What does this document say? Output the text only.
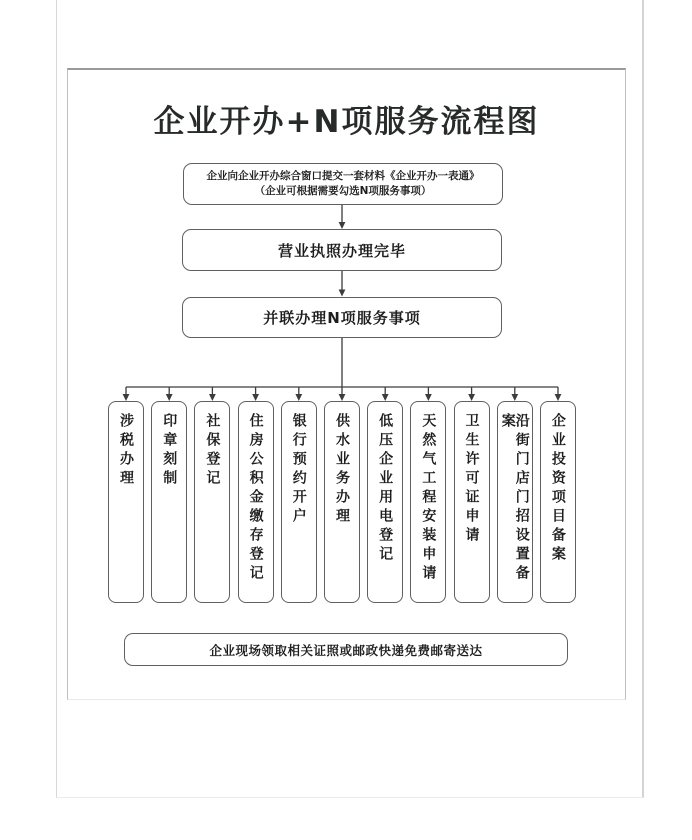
企业开办+N项服务流程图
企业向企业开办综合窗口提交一套材料《企业开办一表通》
（企业可根据需要勾选N项服务事项）
营业执照办理完毕
并联办理N项服务事项
涉税办理 印章刻制 社保登记 住房公积金缴存登记 银行预约开户 供水业务办理 低压企业用电登记 天然气工程安装申请 卫生许可证申请	沿街门店门招设置备案	企业投资项目备案
企业现场领取相关证照或邮政快递免费邮寄送达
